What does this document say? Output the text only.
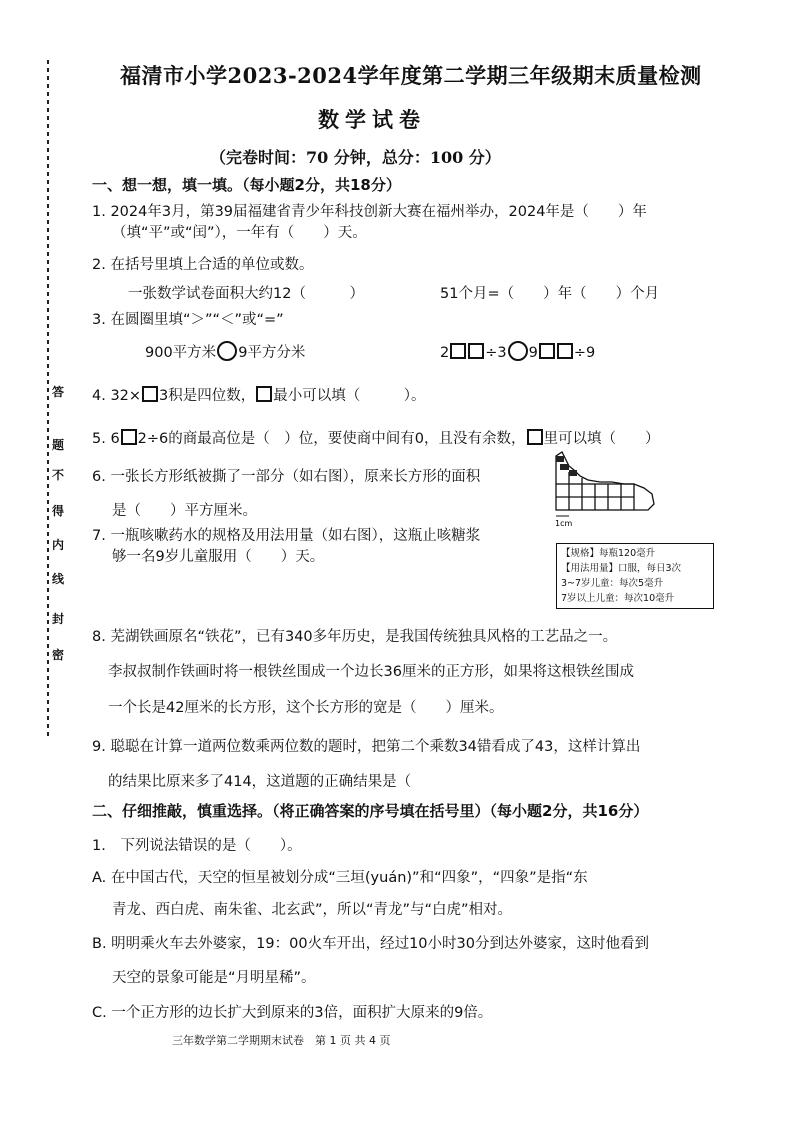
答
题
不
得
内
线
封
密
福清市小学2023-2024学年度第二学期三年级期末质量检测
数学试卷
（完卷时间：70 分钟，总分：100 分）
一、想一想，填一填。（每小题2分，共18分）
1. 2024年3月，第39届福建省青少年科技创新大赛在福州举办，2024年是（　　）年
（填“平”或“闰”），一年有（　　）天。
2. 在括号里填上合适的单位或数。
一张数学试卷面积大约12（　　　）	51个月=（　　）年（　　）个月
3. 在圆圈里填“＞”“＜”或“=”
900平方米 9平方分米	2 ÷3 9 ÷9
4. 32× 3积是四位数， 最小可以填（　　　）。
5. 6 2÷6的商最高位是（　）位，要使商中间有0，且没有余数， 里可以填（　　）
6. 一张长方形纸被撕了一部分（如右图），原来长方形的面积
是（　　）平方厘米。
1cm
7. 一瓶咳嗽药水的规格及用法用量（如右图），这瓶止咳糖浆
够一名9岁儿童服用（　　）天。	【规格】每瓶120毫升
【用法用量】口服，每日3次
3~7岁儿童：每次5毫升
7岁以上儿童：每次10毫升
8. 芜湖铁画原名“铁花”，已有340多年历史，是我国传统独具风格的工艺品之一。
李叔叔制作铁画时将一根铁丝围成一个边长36厘米的正方形，如果将这根铁丝围成
一个长是42厘米的长方形，这个长方形的宽是（　　）厘米。
9. 聪聪在计算一道两位数乘两位数的题时，把第二个乘数34错看成了43，这样计算出
的结果比原来多了414，这道题的正确结果是（
二、仔细推敲，慎重选择。（将正确答案的序号填在括号里）（每小题2分，共16分）
1.　下列说法错误的是（　　）。
A. 在中国古代，天空的恒星被划分成“三垣(yuán)”和“四象”，“四象”是指“东
青龙、西白虎、南朱雀、北玄武”，所以“青龙”与“白虎”相对。
B. 明明乘火车去外婆家，19：00火车开出，经过10小时30分到达外婆家，这时他看到
天空的景象可能是“月明星稀”。
C. 一个正方形的边长扩大到原来的3倍，面积扩大原来的9倍。
三年数学第二学期期末试卷　第 1 页 共 4 页
